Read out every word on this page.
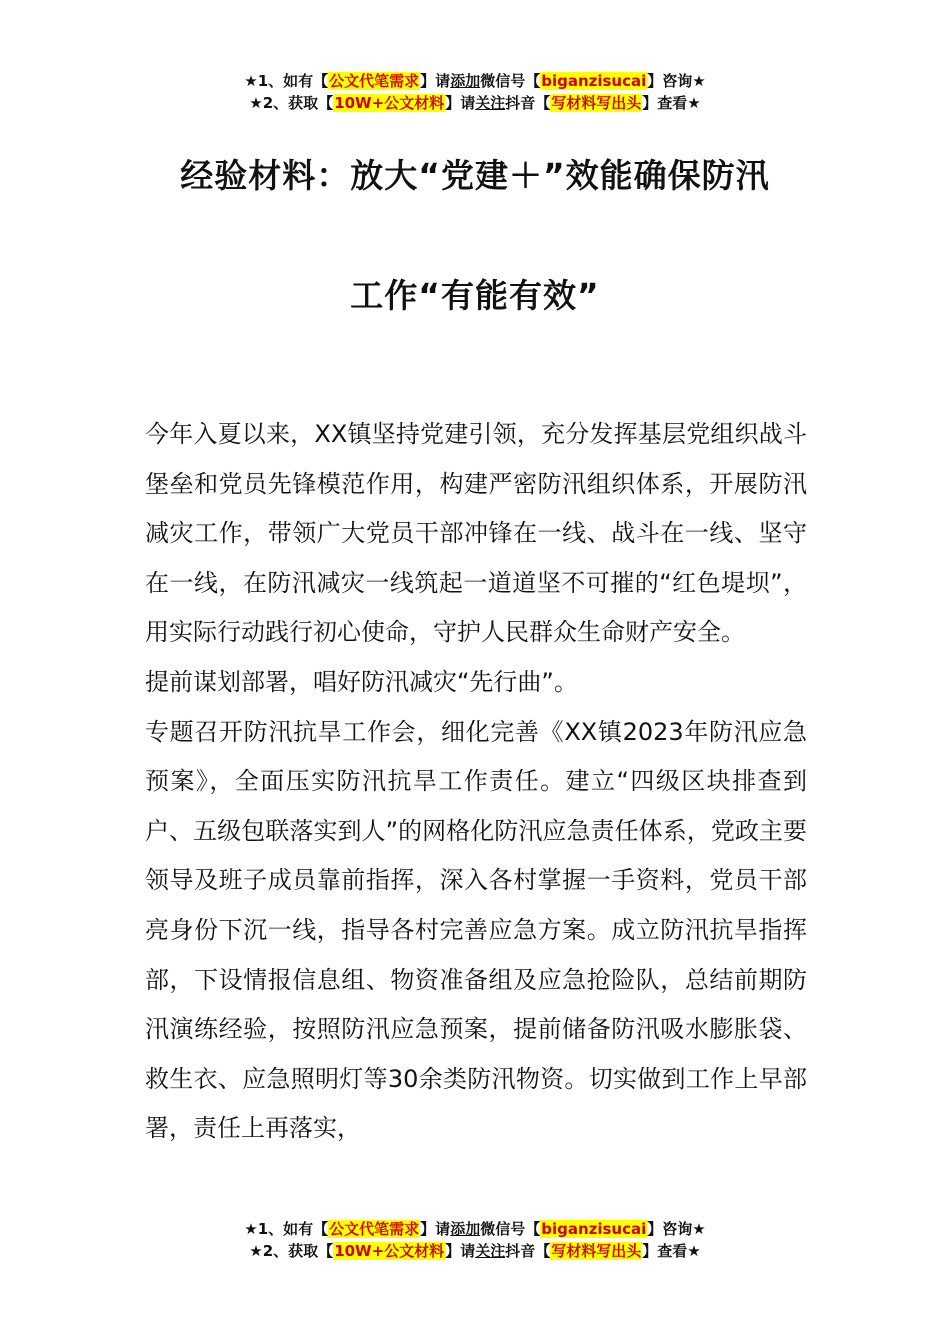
★1、如有【公文代笔需求】请添加微信号【biganzisucai】咨询★
★2、获取【10W+公文材料】请关注抖音【写材料写出头】查看★
经验材料：放大“党建＋”效能确保防汛
工作“有能有效”

今年入夏以来，XX镇坚持党建引领，充分发挥基层党组织战斗堡垒和党员先锋模范作用，构建严密防汛组织体系，开展防汛减灾工作，带领广大党员干部冲锋在一线、战斗在一线、坚守在一线，在防汛减灾一线筑起一道道坚不可摧的“红色堤坝”，用实际行动践行初心使命，守护人民群众生命财产安全。

提前谋划部署，唱好防汛减灾“先行曲”。

专题召开防汛抗旱工作会，细化完善《XX镇2023年防汛应急预案》，全面压实防汛抗旱工作责任。建立“四级区块排查到户、五级包联落实到人”的网格化防汛应急责任体系，党政主要领导及班子成员靠前指挥，深入各村掌握一手资料，党员干部亮身份下沉一线，指导各村完善应急方案。成立防汛抗旱指挥部，下设情报信息组、物资准备组及应急抢险队，总结前期防汛演练经验，按照防汛应急预案，提前储备防汛吸水膨胀袋、救生衣、应急照明灯等30余类防汛物资。切实做到工作上早部署，责任上再落实，

★1、如有【公文代笔需求】请添加微信号【biganzisucai】咨询★
★2、获取【10W+公文材料】请关注抖音【写材料写出头】查看★
